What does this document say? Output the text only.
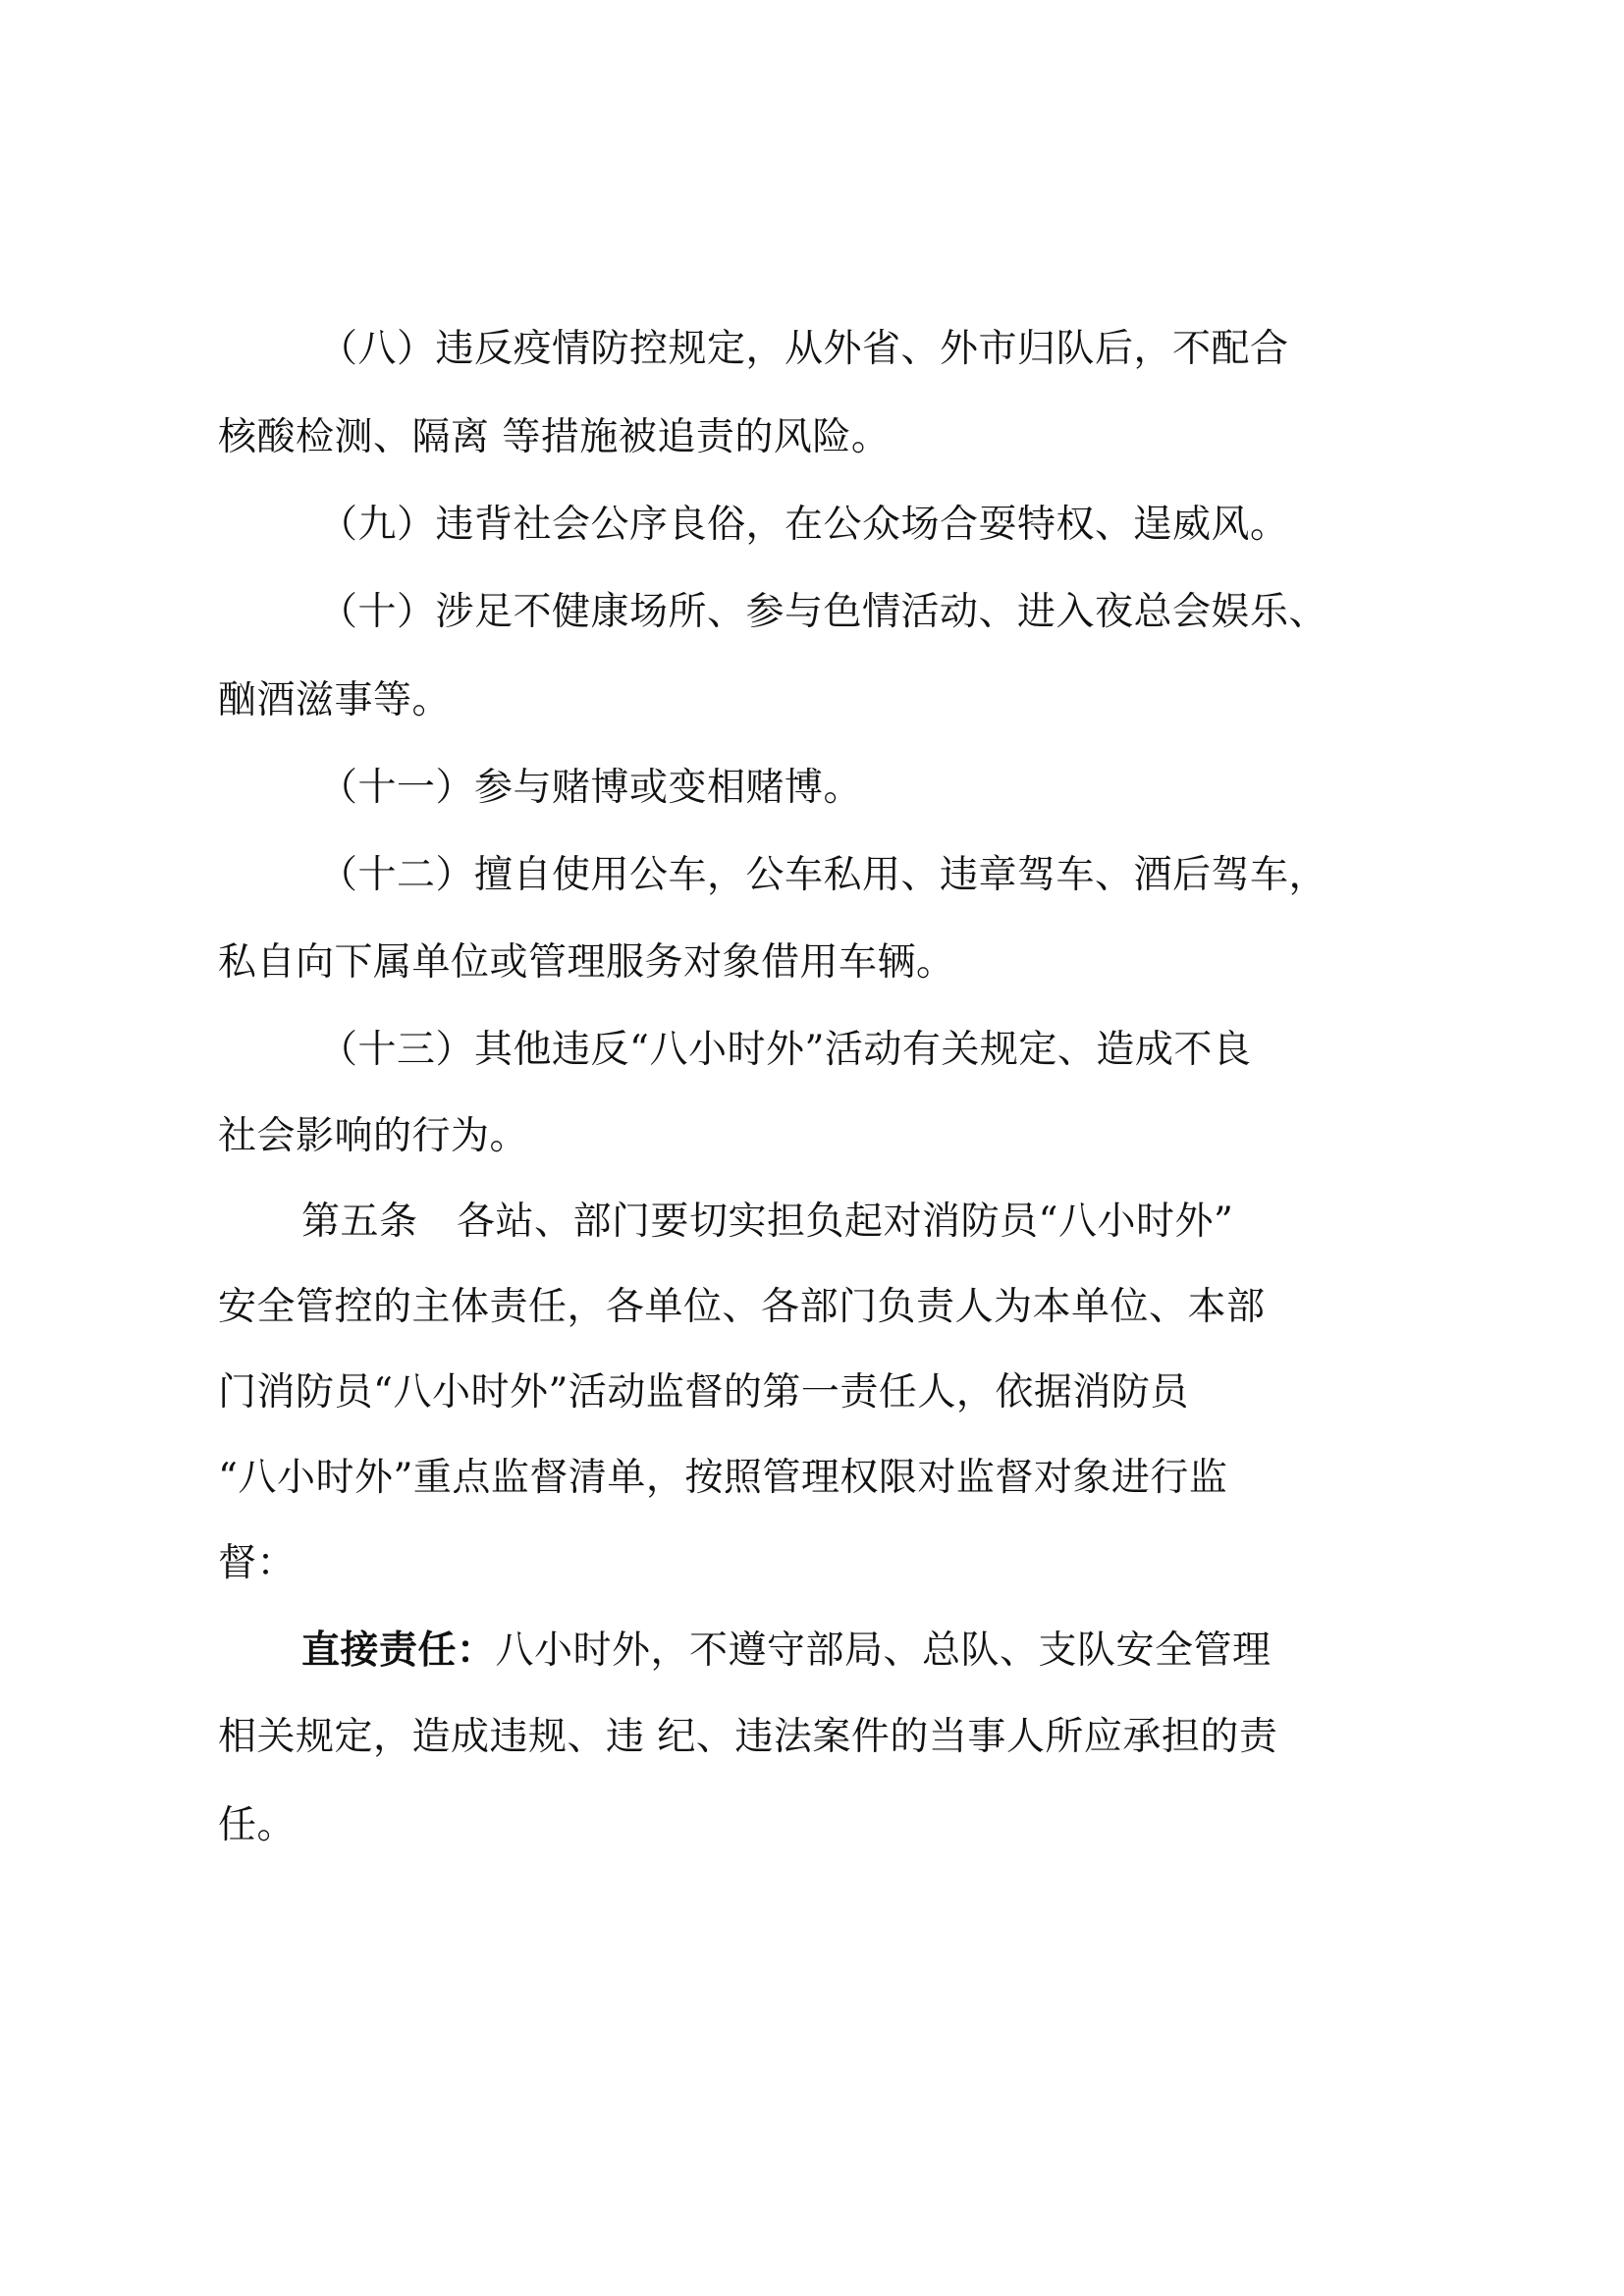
（八）违反疫情防控规定，从外省、外市归队后，不配合

核酸检测、隔离 等措施被追责的风险。

（九）违背社会公序良俗，在公众场合耍特权、逞威风。

（十）涉足不健康场所、参与色情活动、进入夜总会娱乐、

酗酒滋事等。

（十一）参与赌博或变相赌博。

（十二）擅自使用公车，公车私用、违章驾车、酒后驾车，

私自向下属单位或管理服务对象借用车辆。

（十三）其他违反“八小时外”活动有关规定、造成不良

社会影响的行为。

第五条　各站、部门要切实担负起对消防员“八小时外”

安全管控的主体责任，各单位、各部门负责人为本单位、本部

门消防员“八小时外”活动监督的第一责任人，依据消防员

“八小时外”重点监督清单，按照管理权限对监督对象进行监

督：

直接责任：八小时外，不遵守部局、总队、支队安全管理

相关规定，造成违规、违 纪、违法案件的当事人所应承担的责

任。
